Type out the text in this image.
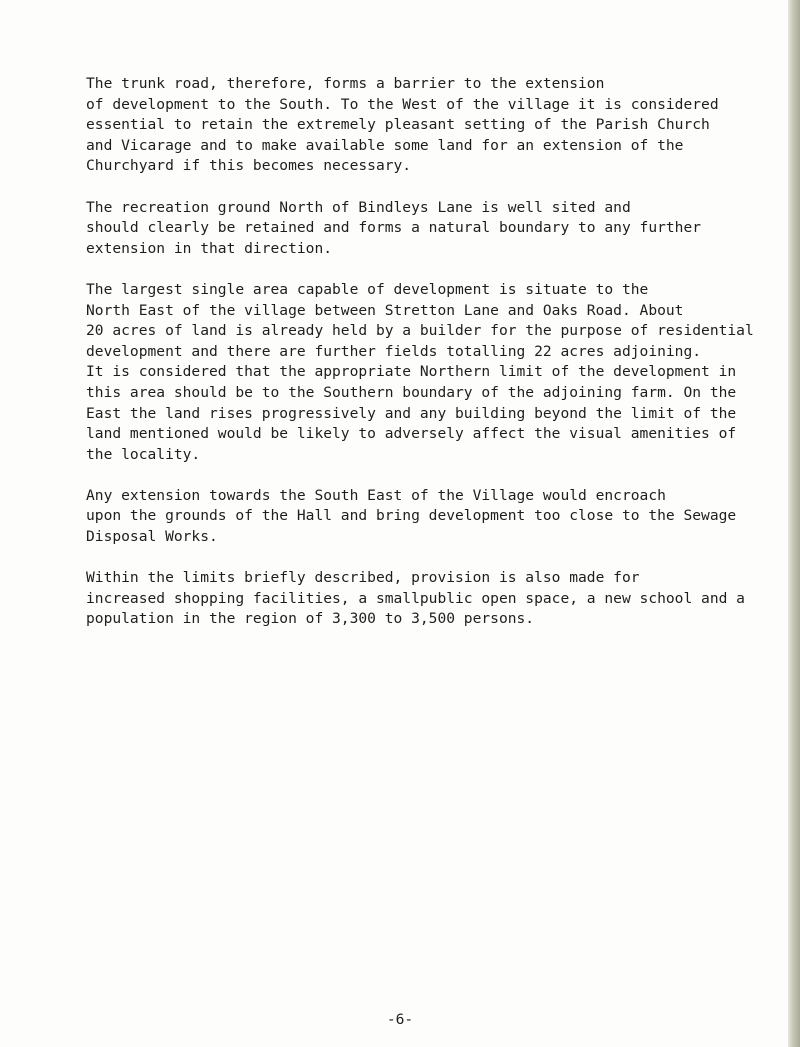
The trunk road, therefore, forms a barrier to the extension
of development to the South. To the West of the village it is considered
essential to retain the extremely pleasant setting of the Parish Church
and Vicarage and to make available some land for an extension of the
Churchyard if this becomes necessary.

The recreation ground North of Bindleys Lane is well sited and
should clearly be retained and forms a natural boundary to any further
extension in that direction.

The largest single area capable of development is situate to the
North East of the village between Stretton Lane and Oaks Road. About
20 acres of land is already held by a builder for the purpose of residential
development and there are further fields totalling 22 acres adjoining.
It is considered that the appropriate Northern limit of the development in
this area should be to the Southern boundary of the adjoining farm. On the
East the land rises progressively and any building beyond the limit of the
land mentioned would be likely to adversely affect the visual amenities of
the locality.

Any extension towards the South East of the Village would encroach
upon the grounds of the Hall and bring development too close to the Sewage
Disposal Works.

Within the limits briefly described, provision is also made for
increased shopping facilities, a smallpublic open space, a new school and a
population in the region of 3,300 to 3,500 persons.

-6-
